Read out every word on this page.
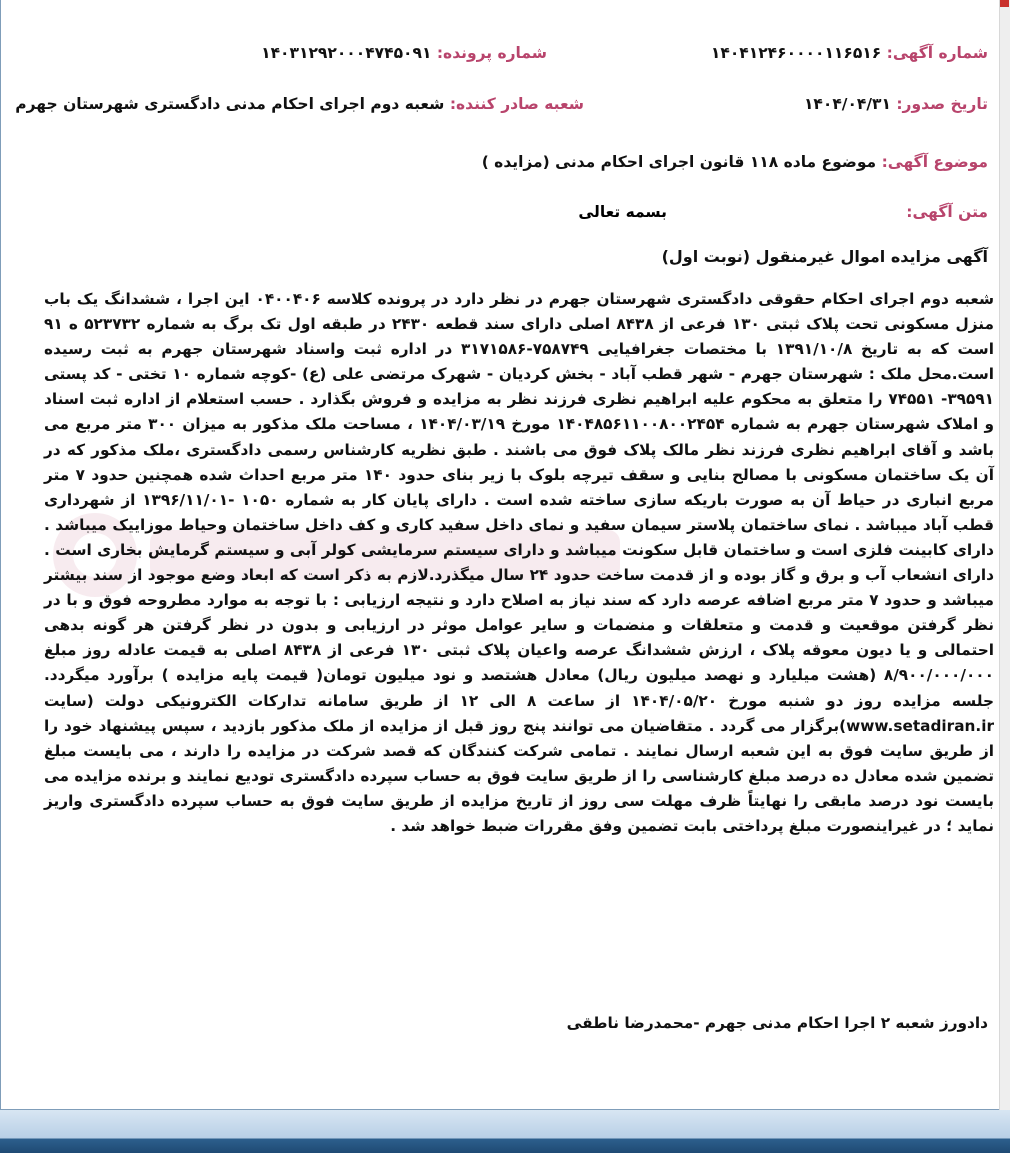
شماره آگهی: ۱۴۰۴۱۲۴۶۰۰۰۰۱۱۶۵۱۶
شماره پرونده: ۱۴۰۳۱۲۹۲۰۰۰۴۷۴۵۰۹۱
تاریخ صدور: ۱۴۰۴/۰۴/۳۱
شعبه صادر کننده: شعبه دوم اجرای احکام مدنی دادگستری شهرستان جهرم
موضوع آگهی: موضوع ماده ۱۱۸ قانون اجرای احکام مدنی (مزایده )
متن آگهی:
بسمه تعالی
آگهی مزایده اموال غیرمنقول (نوبت اول)

شعبه دوم اجرای احکام حقوقی دادگستری شهرستان جهرم در نظر دارد در پرونده کلاسه ۰۴۰۰۴۰۶ این اجرا ، ششدانگ یک باب منزل مسکونی تحت پلاک ثبتی ۱۳۰ فرعی از ۸۴۳۸ اصلی دارای سند قطعه ۲۴۳۰ در طبقه اول تک برگ به شماره ۵۲۳۷۳۲ ه ۹۱ است که به تاریخ ۱۳۹۱/۱۰/۸ با مختصات جغرافیایی ۷۵۸۷۴۹-۳۱۷۱۵۸۶ در اداره ثبت واسناد شهرستان جهرم به ثبت رسیده است.محل ملک : شهرستان جهرم - شهر قطب آباد - بخش کردیان - شهرک مرتضی علی (ع) -کوچه شماره ۱۰ تختی - کد پستی ۳۹۵۹۱- ۷۴۵۵۱ را متعلق به محکوم علیه ابراهیم نظری فرزند نظر به مزایده و فروش بگذارد . حسب استعلام از اداره ثبت اسناد و املاک شهرستان جهرم به شماره ۱۴۰۴۸۵۶۱۱۰۰۸۰۰۲۴۵۴ مورخ ۱۴۰۴/۰۳/۱۹ ، مساحت ملک مذکور به میزان ۳۰۰ متر مربع می باشد و آقای ابراهیم نظری فرزند نظر مالک پلاک فوق می باشند . طبق نظریه کارشناس رسمی دادگستری ،ملک مذکور که در آن یک ساختمان مسکونی با مصالح بنایی و سقف تیرچه بلوک با زیر بنای حدود ۱۴۰ متر مربع احداث شده همچنین حدود ۷ متر مربع انباری در حیاط آن به صورت باریکه سازی ساخته شده است . دارای پایان کار به شماره ۱۰۵۰ -۱۳۹۶/۱۱/۰۱ از شهرداری قطب آباد میباشد . نمای ساختمان پلاستر سیمان سفید و نمای داخل سفید کاری و کف داخل ساختمان وحیاط موزاییک میباشد . دارای کابینت فلزی است و ساختمان قابل سکونت میباشد و دارای سیستم سرمایشی کولر آبی و سیستم گرمایش بخاری است . دارای انشعاب آب و برق و گاز بوده و از قدمت ساخت حدود ۲۴ سال میگذرد.لازم به ذکر است که ابعاد وضع موجود از سند بیشتر میباشد و حدود ۷ متر مربع اضافه عرصه دارد که سند نیاز به اصلاح دارد و نتیجه ارزیابی : با توجه به موارد مطروحه فوق و با در نظر گرفتن موقعیت و قدمت و متعلقات و منضمات و سایر عوامل موثر در ارزیابی و بدون در نظر گرفتن هر گونه بدهی احتمالی و یا دیون معوقه پلاک ، ارزش ششدانگ عرصه واعیان پلاک ثبتی ۱۳۰ فرعی از ۸۴۳۸ اصلی به قیمت عادله روز مبلغ ۸/۹۰۰/۰۰۰/۰۰۰ (هشت میلیارد و نهصد میلیون ریال) معادل هشتصد و نود میلیون تومان( قیمت پایه مزایده ) برآورد میگردد. جلسه مزایده روز دو شنبه مورخ ۱۴۰۴/۰۵/۲۰ از ساعت ۸ الی ۱۲ از طریق سامانه تدارکات الکترونیکی دولت (سایت www.setadiran.ir)برگزار می گردد . متقاضیان می توانند پنج روز قبل از مزایده از ملک مذکور بازدید ، سپس پیشنهاد خود را از طریق سایت فوق به این شعبه ارسال نمایند . تمامی شرکت کنندگان که قصد شرکت در مزایده را دارند ، می بایست مبلغ تضمین شده معادل ده درصد مبلغ کارشناسی را از طریق سایت فوق به حساب سپرده دادگستری توديع نمایند و برنده مزایده می بایست نود درصد مابقی را نهایتاً ظرف مهلت سی روز از تاریخ مزایده از طریق سایت فوق به حساب سپرده دادگستری واریز نماید ؛ در غیراینصورت مبلغ پرداختی بابت تضمین وفق مقررات ضبط خواهد شد .

دادورز شعبه ۲ اجرا احکام مدنی جهرم -محمدرضا ناطقی
